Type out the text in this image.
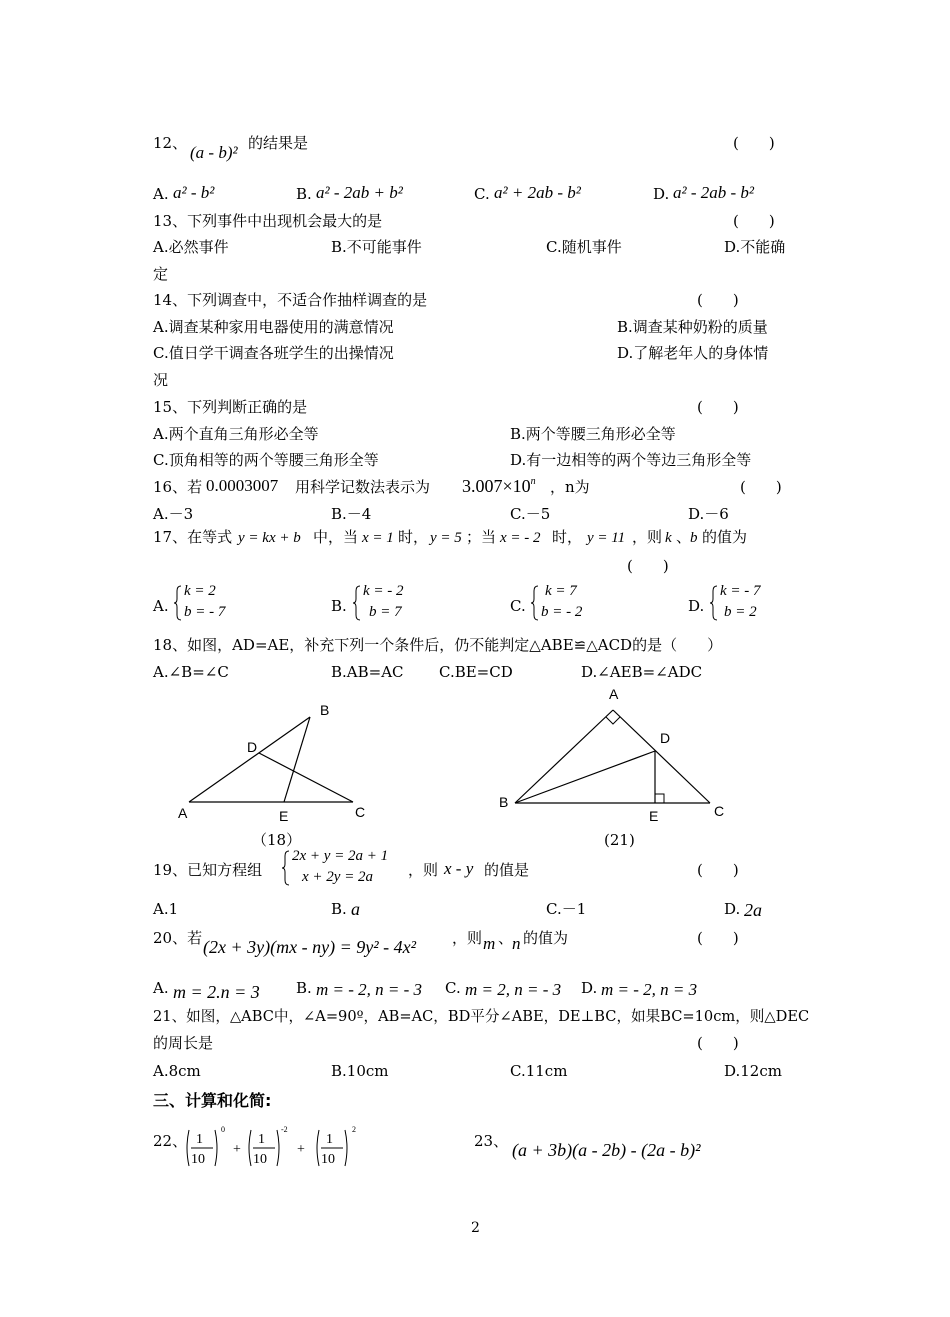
12、 (a - b)² 的结果是	(　　)
A. a² - b²	B. a² - 2ab + b²	C. a² + 2ab - b²	D. a² - 2ab - b²
13、下列事件中出现机会最大的是	(　　)
A.必然事件	B.不可能事件	C.随机事件	D.不能确
定
14、下列调查中，不适合作抽样调查的是	(　　)
A.调查某种家用电器使用的满意情况	B.调查某种奶粉的质量
C.值日学干调查各班学生的出操情况	D.了解老年人的身体情
况
15、下列判断正确的是	(　　)
A.两个直角三角形必全等	B.两个等腰三角形必全等
C.顶角相等的两个等腰三角形全等	D.有一边相等的两个等边三角形全等
16、若 0.0003007 用科学记数法表示为 $3.007\times 10^n$ ，n为	(　　)
A.－3	B.－4	C.－5	D.－6
17、在等式 y = kx + b 中，当 x = 1 时， y = 5 ；当 x = - 2 时， y = 11 ，则 k 、
b 的值为
(　　)
A.
k = 2
b = - 7	B.
k = - 2
b = 7	C.
k = 7
b = - 2	D.
k = - 7
b = 2
18、如图，AD=AE，补充下列一个条件后，仍不能判定△ABE≌△ACD的是（　　）
A.∠B=∠C	B.AB=AC C.BE=CD	D.∠AEB=∠ADC
A
B
C
D
E
（18）
A
B
C
D
E
(21)
19、已知方程组
2x + y = 2a + 1
x + 2y = 2a ，则 x - y 的值是	(　　)
A.1	B. a	C.－1	D. 2a
20、若 (2x + 3y)(mx - ny) = 9y² - 4x² ，则 m 、
n 的值为	(　　)
A. m = 2.n = 3 B. m = - 2, n = - 3 C. m = 2, n = - 3 D. m = - 2, n = 3
21、如图，△ABC中，∠A=90º，AB=AC，BD平分∠ABE，DE⊥BC，如果BC=10cm，则△DEC
的周长是	(　　)
A.8cm	B.10cm	C.11cm	D.12cm
三、计算和化简:
22、 1
10
0
+
1
10
-2
+
1
10
2
23、 (a + 3b)(a - 2b) - (2a - b)²
2
